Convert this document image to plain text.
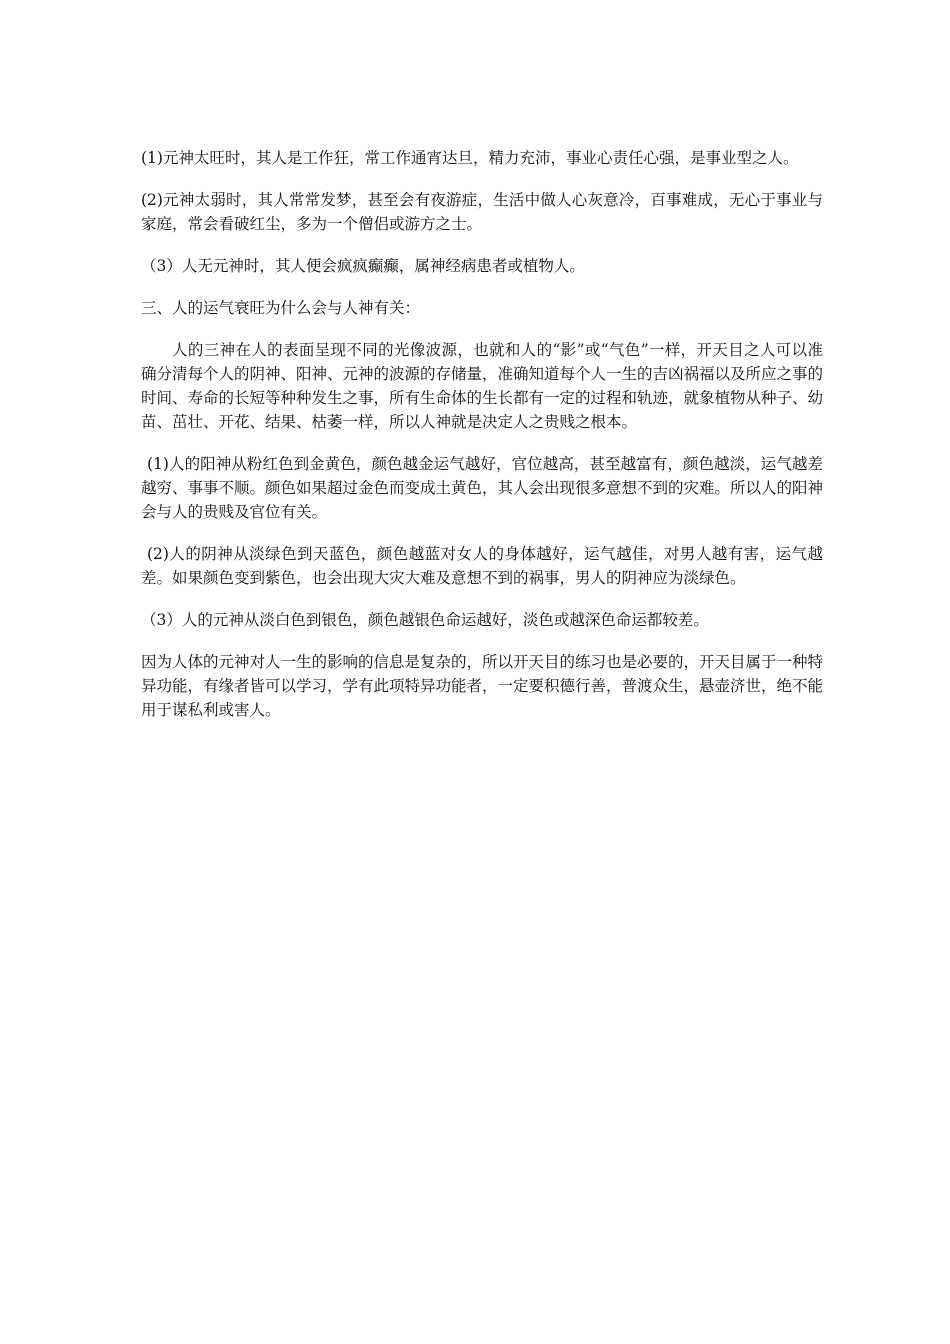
(1)元神太旺时，其人是工作狂，常工作通宵达旦，精力充沛，事业心责任心强，是事业型之人。

(2)元神太弱时，其人常常发梦，甚至会有夜游症，生活中做人心灰意冷，百事难成，无心于事业与家庭，常会看破红尘，多为一个僧侣或游方之士。

（3）人无元神时，其人便会疯疯癫癫，属神经病患者或植物人。

三、人的运气衰旺为什么会与人神有关：

人的三神在人的表面呈现不同的光像波源，也就和人的“影”或“气色”一样，开天目之人可以准确分清每个人的阴神、阳神、元神的波源的存储量，准确知道每个人一生的吉凶祸福以及所应之事的时间、寿命的长短等种种发生之事，所有生命体的生长都有一定的过程和轨迹，就象植物从种子、幼苗、茁壮、开花、结果、枯萎一样，所以人神就是决定人之贵贱之根本。

(1)人的阳神从粉红色到金黄色，颜色越金运气越好，官位越高，甚至越富有，颜色越淡，运气越差越穷、事事不顺。颜色如果超过金色而变成土黄色，其人会出现很多意想不到的灾难。所以人的阳神会与人的贵贱及官位有关。

(2)人的阴神从淡绿色到天蓝色，颜色越蓝对女人的身体越好，运气越佳，对男人越有害，运气越差。如果颜色变到紫色，也会出现大灾大难及意想不到的祸事，男人的阴神应为淡绿色。

（3）人的元神从淡白色到银色，颜色越银色命运越好，淡色或越深色命运都较差。

因为人体的元神对人一生的影响的信息是复杂的，所以开天目的练习也是必要的，开天目属于一种特异功能，有缘者皆可以学习，学有此项特异功能者，一定要积德行善，普渡众生，悬壶济世，绝不能用于谋私利或害人。
